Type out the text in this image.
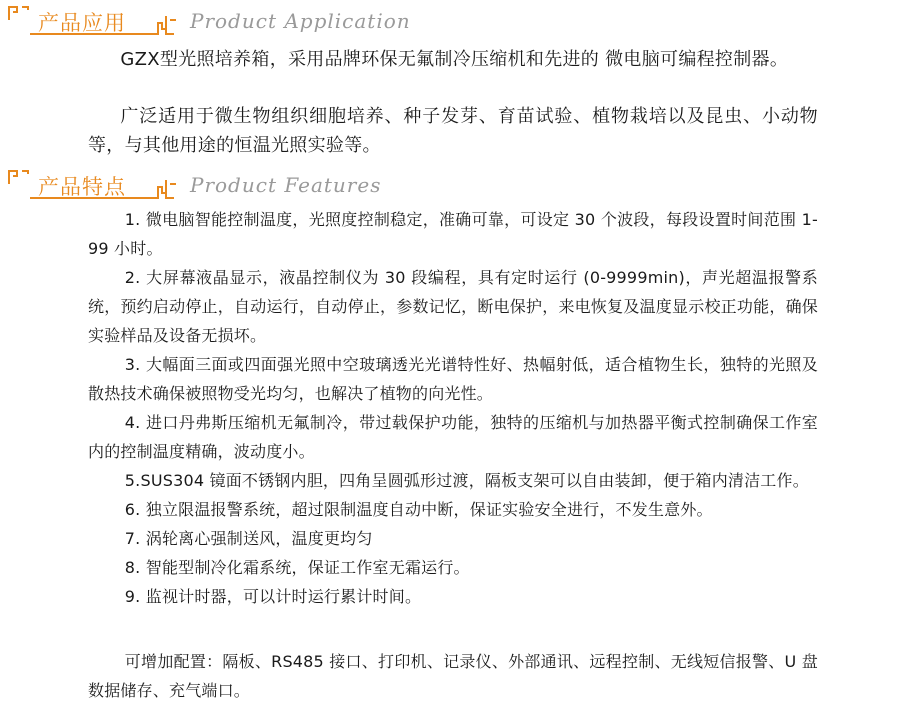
产品应用	Product Application

GZX型光照培养箱，采用品牌环保无氟制冷压缩机和先进的 微电脑可编程控制器。

广泛适用于微生物组织细胞培养、种子发芽、育苗试验、植物栽培以及昆虫、小动物等，与其他用途的恒温光照实验等。

产品特点	Product Features
1. 微电脑智能控制温度，光照度控制稳定，准确可靠，可设定 30 个波段，每段设置时间范围 1-99 小时。
2. 大屏幕液晶显示，液晶控制仪为 30 段编程，具有定时运行 (0-9999min)，声光超温报警系统，预约启动停止，自动运行，自动停止，参数记忆，断电保护，来电恢复及温度显示校正功能，确保实验样品及设备无损坏。
3. 大幅面三面或四面强光照中空玻璃透光光谱特性好、热幅射低，适合植物生长，独特的光照及散热技术确保被照物受光均匀，也解决了植物的向光性。
4. 进口丹弗斯压缩机无氟制冷，带过载保护功能，独特的压缩机与加热器平衡式控制确保工作室内的控制温度精确，波动度小。
5.SUS304 镜面不锈钢内胆，四角呈圆弧形过渡，隔板支架可以自由装卸，便于箱内清洁工作。
6. 独立限温报警系统，超过限制温度自动中断，保证实验安全进行，不发生意外。
7. 涡轮离心强制送风，温度更均匀
8. 智能型制冷化霜系统，保证工作室无霜运行。
9. 监视计时器，可以计时运行累计时间。
可增加配置：隔板、RS485 接口、打印机、记录仪、外部通讯、远程控制、无线短信报警、U 盘数据储存、充气端口。
